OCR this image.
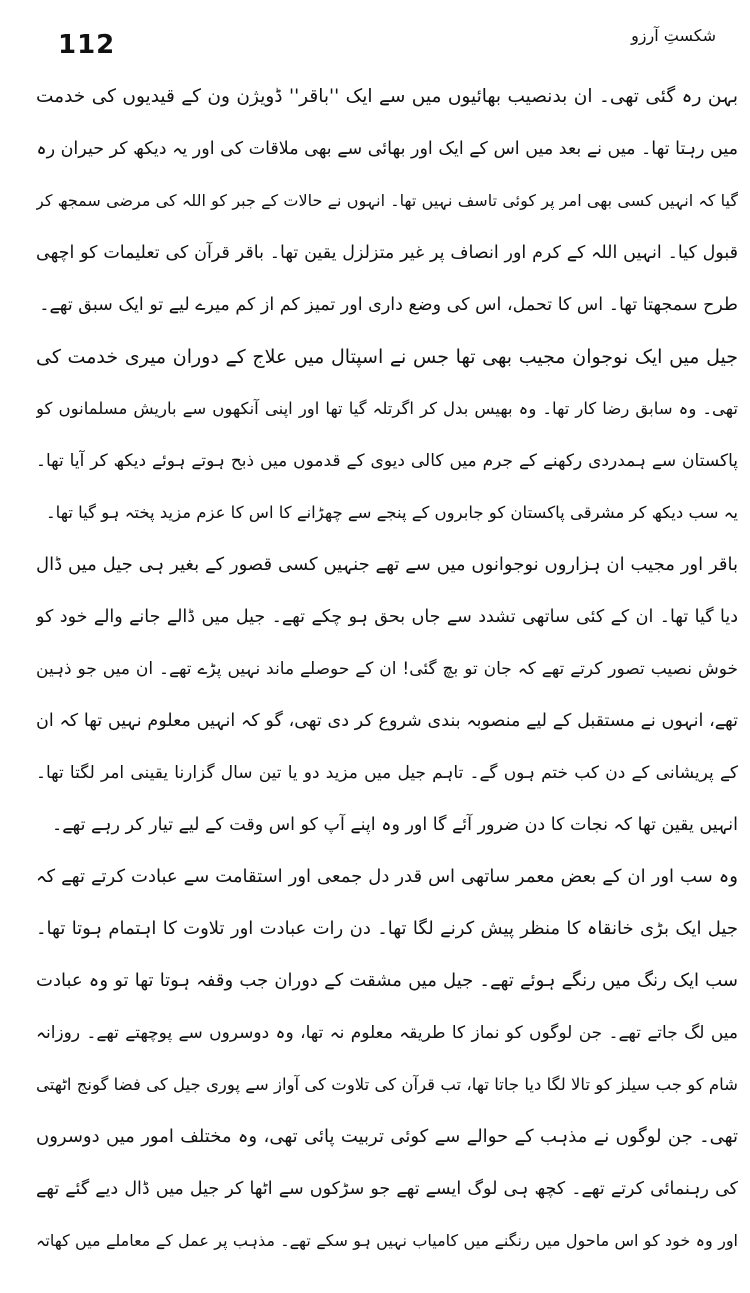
112	شکستِ آرزو
بہن رہ گئی تھی۔ ان بدنصیب بھائیوں میں سے ایک ''باقر'' ڈویژن ون کے قیدیوں کی خدمت
میں رہتا تھا۔ میں نے بعد میں اس کے ایک اور بھائی سے بھی ملاقات کی اور یہ دیکھ کر حیران رہ
گیا کہ انہیں کسی بھی امر پر کوئی تاسف نہیں تھا۔ انہوں نے حالات کے جبر کو اللہ کی مرضی سمجھ کر
قبول کیا۔ انہیں اللہ کے کرم اور انصاف پر غیر متزلزل یقین تھا۔ باقر قرآن کی تعلیمات کو اچھی
طرح سمجھتا تھا۔ اس کا تحمل، اس کی وضع داری اور تمیز کم از کم میرے لیے تو ایک سبق تھے۔
جیل میں ایک نوجوان مجیب بھی تھا جس نے اسپتال میں علاج کے دوران میری خدمت کی
تھی۔ وہ سابق رضا کار تھا۔ وہ بھیس بدل کر اگرتلہ گیا تھا اور اپنی آنکھوں سے باریش مسلمانوں کو
پاکستان سے ہمدردی رکھنے کے جرم میں کالی دیوی کے قدموں میں ذبح ہوتے ہوئے دیکھ کر آیا تھا۔
یہ سب دیکھ کر مشرقی پاکستان کو جابروں کے پنجے سے چھڑانے کا اس کا عزم مزید پختہ ہو گیا تھا۔
باقر اور مجیب ان ہزاروں نوجوانوں میں سے تھے جنہیں کسی قصور کے بغیر ہی جیل میں ڈال
دیا گیا تھا۔ ان کے کئی ساتھی تشدد سے جاں بحق ہو چکے تھے۔ جیل میں ڈالے جانے والے خود کو
خوش نصیب تصور کرتے تھے کہ جان تو بچ گئی! ان کے حوصلے ماند نہیں پڑے تھے۔ ان میں جو ذہین
تھے، انہوں نے مستقبل کے لیے منصوبہ بندی شروع کر دی تھی، گو کہ انہیں معلوم نہیں تھا کہ ان
کے پریشانی کے دن کب ختم ہوں گے۔ تاہم جیل میں مزید دو یا تین سال گزارنا یقینی امر لگتا تھا۔
انہیں یقین تھا کہ نجات کا دن ضرور آئے گا اور وہ اپنے آپ کو اس وقت کے لیے تیار کر رہے تھے۔
وہ سب اور ان کے بعض معمر ساتھی اس قدر دل جمعی اور استقامت سے عبادت کرتے تھے کہ
جیل ایک بڑی خانقاہ کا منظر پیش کرنے لگا تھا۔ دن رات عبادت اور تلاوت کا اہتمام ہوتا تھا۔
سب ایک رنگ میں رنگے ہوئے تھے۔ جیل میں مشقت کے دوران جب وقفہ ہوتا تھا تو وہ عبادت
میں لگ جاتے تھے۔ جن لوگوں کو نماز کا طریقہ معلوم نہ تھا، وہ دوسروں سے پوچھتے تھے۔ روزانہ
شام کو جب سیلز کو تالا لگا دیا جاتا تھا، تب قرآن کی تلاوت کی آواز سے پوری جیل کی فضا گونج اٹھتی
تھی۔ جن لوگوں نے مذہب کے حوالے سے کوئی تربیت پائی تھی، وہ مختلف امور میں دوسروں
کی رہنمائی کرتے تھے۔ کچھ ہی لوگ ایسے تھے جو سڑکوں سے اٹھا کر جیل میں ڈال دیے گئے تھے
اور وہ خود کو اس ماحول میں رنگنے میں کامیاب نہیں ہو سکے تھے۔ مذہب پر عمل کے معاملے میں کھاتہ
